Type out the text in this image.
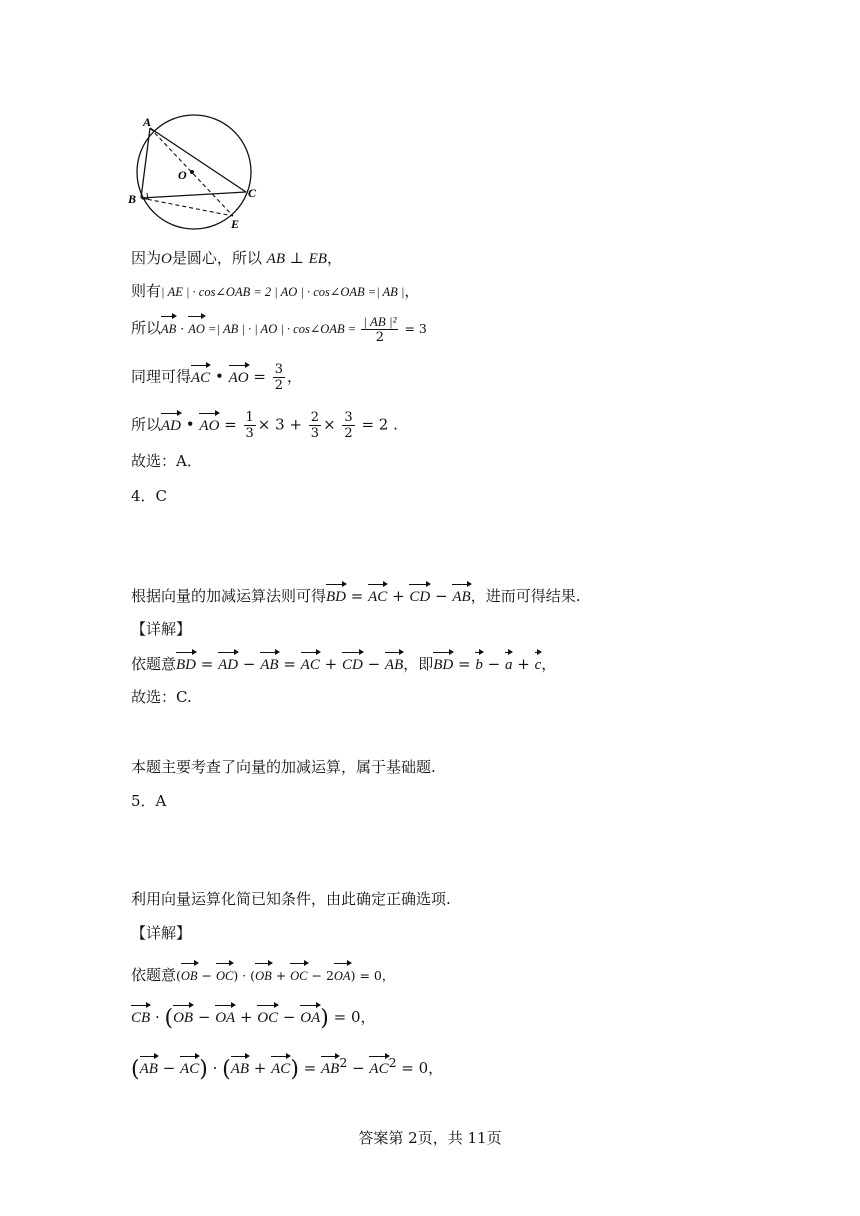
A
O
B	C
E
因为O是圆心，所以 AB ⊥ EB，
则有| AE | · cos∠OAB = 2 | AO | · cos∠OAB =| AB |，
所以AB · AO =| AB | · | AO | · cos∠OAB = $\frac{\text{| AB |²}}{2} = 3$
同理可得AC • AO = $\frac{3}{2}$ ，
所以AD • AO = $\frac{1}{3} \times 3 + \frac{2}{3} \times \frac{3}{2} = 2$ .
故选：A．
4．C
根据向量的加减运算法则可得BD = AC + CD − AB，进而可得结果.
【详解】
依题意BD = AD − AB = AC + CD − AB，即BD = b − a + c，
故选：C.
本题主要考查了向量的加减运算，属于基础题.
5．A
利用向量运算化简已知条件，由此确定正确选项.
【详解】
依题意(OB − OC) · (OB + OC − 2OA) = 0，
CB · (OB − OA + OC − OA) = 0，
$(AB - AC) \cdot (AB + AC) = AB^2 - AC^2 = 0$，
答案第 2页，共 11页
